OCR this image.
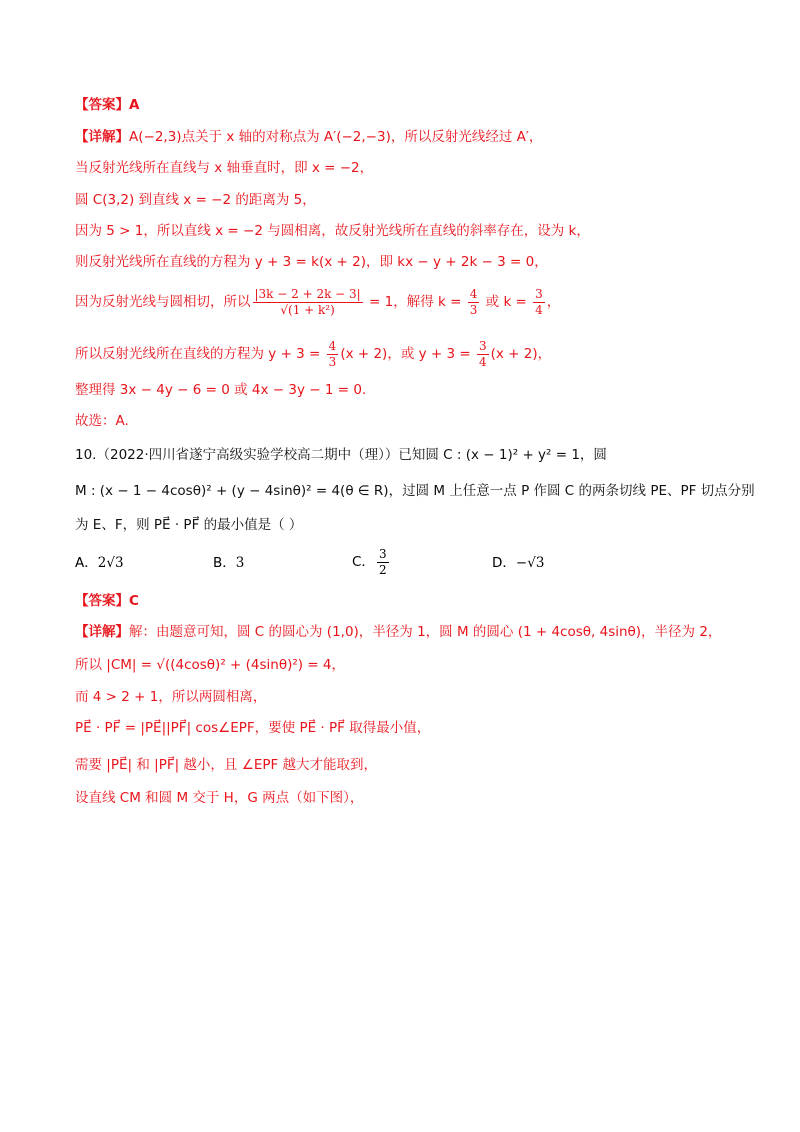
【答案】A
【详解】A(−2,3)点关于 x 轴的对称点为 A′(−2,−3)，所以反射光线经过 A′，
当反射光线所在直线与 x 轴垂直时，即 x = −2，
圆 C(3,2) 到直线 x = −2 的距离为 5，
因为 5 > 1，所以直线 x = −2 与圆相离，故反射光线所在直线的斜率存在，设为 k，
则反射光线所在直线的方程为 y + 3 = k(x + 2)，即 kx − y + 2k − 3 = 0，
因为反射光线与圆相切，所以 $\frac{|3k - 2 + 2k - 3|}{\text{√(1 + k²)}} = 1$，解得 $k = \frac{4}{3}$ 或 $k = \frac{3}{4}$ ，
所以反射光线所在直线的方程为 $y + 3 = \frac{4}{3} (x + 2)$，或 $y + 3 = \frac{3}{4} (x + 2)$，
整理得 3x − 4y − 6 = 0 或 4x − 3y − 1 = 0.
故选：A.
10.（2022·四川省遂宁高级实验学校高二期中（理））已知圆 C : (x − 1)² + y² = 1，圆
M : (x − 1 − 4cosθ)² + (y − 4sinθ)² = 4(θ ∈ R)，过圆 M 上任意一点 P 作圆 C 的两条切线 PE、PF 切点分别
为 E、F，则 PE⃗ · PF⃗ 的最小值是（ ）
A．2√3	B．3	C． $\frac{3}{2}$	D．−√3
【答案】C
【详解】解：由题意可知，圆 C 的圆心为 (1,0)，半径为 1，圆 M 的圆心 (1 + 4cosθ, 4sinθ)，半径为 2，
所以 |CM| = √((4cosθ)² + (4sinθ)²) = 4，
而 4 > 2 + 1，所以两圆相离，
PE⃗ · PF⃗ = |PE⃗||PF⃗| cos∠EPF，要使 PE⃗ · PF⃗ 取得最小值，
需要 |PE⃗| 和 |PF⃗| 越小，且 ∠EPF 越大才能取到，
设直线 CM 和圆 M 交于 H，G 两点（如下图），
